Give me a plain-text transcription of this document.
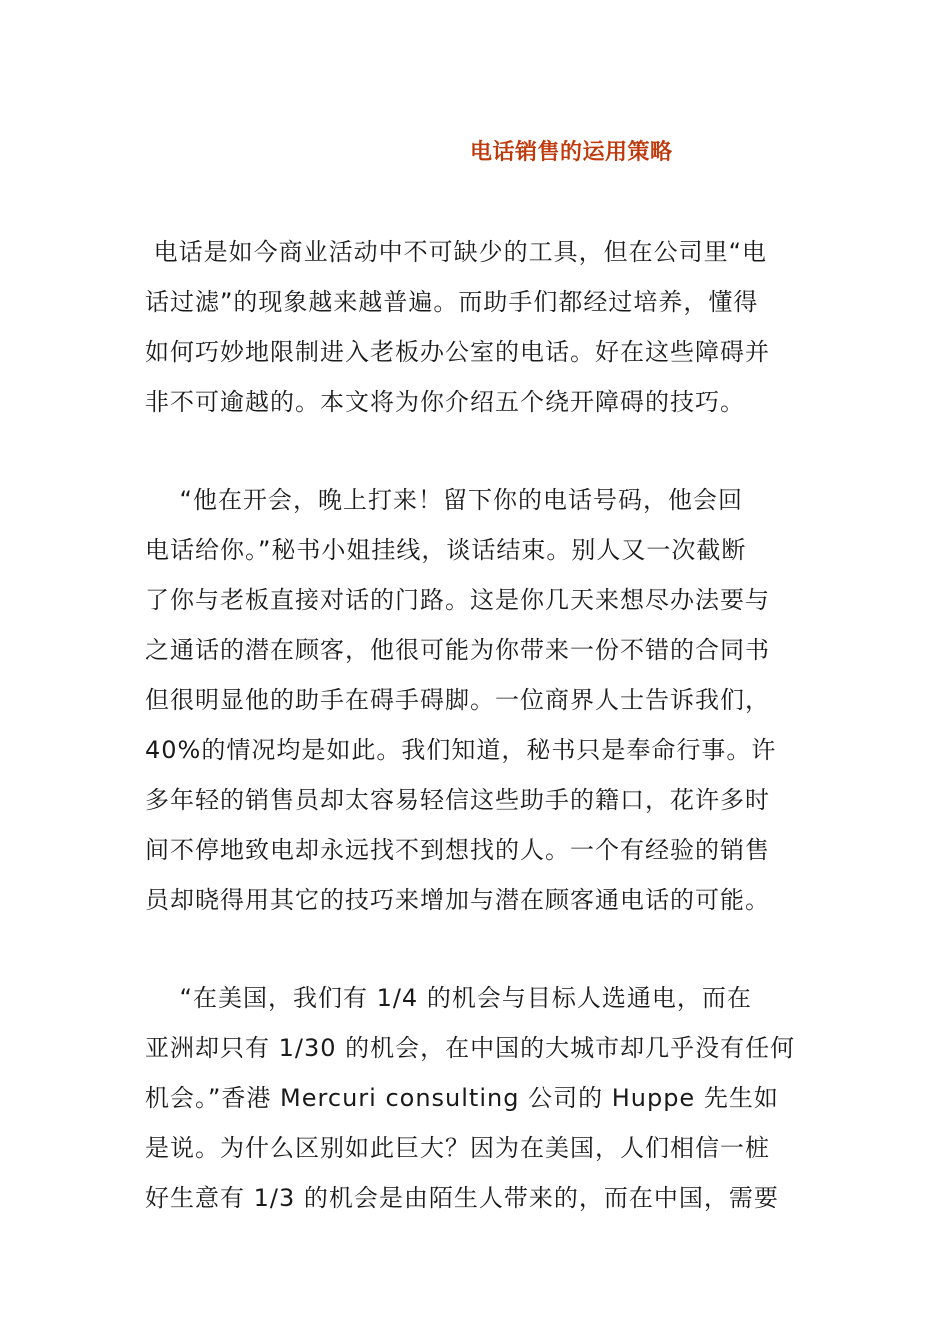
电话销售的运用策略
电话是如今商业活动中不可缺少的工具，但在公司里“电
话过滤”的现象越来越普遍。而助手们都经过培养，懂得
如何巧妙地限制进入老板办公室的电话。好在这些障碍并
非不可逾越的。本文将为你介绍五个绕开障碍的技巧。
“他在开会，晚上打来！留下你的电话号码，他会回
电话给你。”秘书小姐挂线，谈话结束。别人又一次截断
了你与老板直接对话的门路。这是你几天来想尽办法要与
之通话的潜在顾客，他很可能为你带来一份不错的合同书
但很明显他的助手在碍手碍脚。一位商界人士告诉我们，
40%的情况均是如此。我们知道，秘书只是奉命行事。许
多年轻的销售员却太容易轻信这些助手的籍口，花许多时
间不停地致电却永远找不到想找的人。一个有经验的销售
员却晓得用其它的技巧来增加与潜在顾客通电话的可能。
“在美国，我们有 1/4 的机会与目标人选通电，而在
亚洲却只有 1/30 的机会，在中国的大城市却几乎没有任何
机会。”香港 Mercuri consulting 公司的 Huppe 先生如
是说。为什么区别如此巨大？因为在美国，人们相信一桩
好生意有 1/3 的机会是由陌生人带来的，而在中国，需要
